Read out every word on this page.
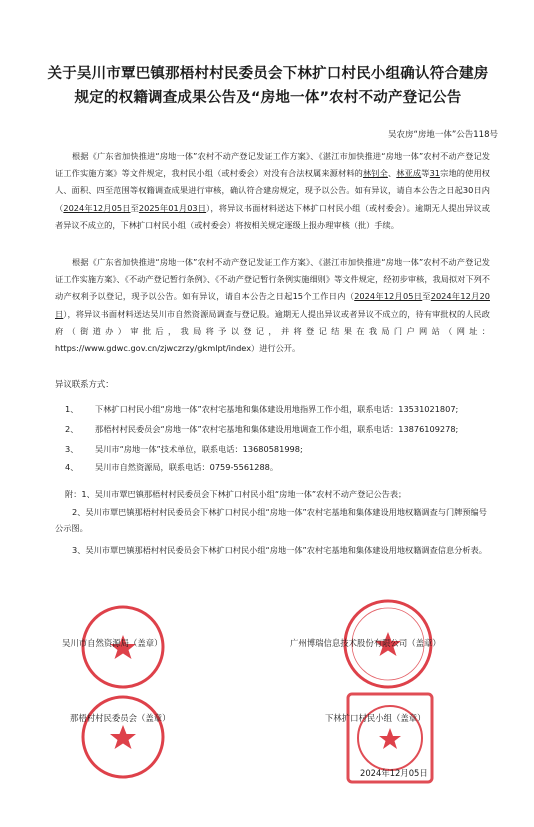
关于吴川市覃巴镇那梧村村民委员会下林扩口村民小组确认符合建房
规定的权籍调查成果公告及“房地一体”农村不动产登记公告
吴农房“房地一体”公告118号
根据《广东省加快推进“房地一体”农村不动产登记发证工作方案》、《湛江市加快推进“房地一体”农村不动产登记发证工作实施方案》等文件规定，我村民小组（或村委会）对没有合法权属来源材料的林钊全、林亚成等31宗地的使用权人、面积、四至范围等权籍调查成果进行审核，确认符合建房规定，现予以公告。如有异议，请自本公告之日起30日内（2024年12月05日至2025年01月03日），将异议书面材料送达下林扩口村民小组（或村委会）。逾期无人提出异议或者异议不成立的，下林扩口村民小组（或村委会）将按相关规定逐级上报办理审核（批）手续。
根据《广东省加快推进“房地一体”农村不动产登记发证工作方案》、《湛江市加快推进“房地一体”农村不动产登记发证工作实施方案》、《不动产登记暂行条例》、《不动产登记暂行条例实施细则》等文件规定，经初步审核，我局拟对下列不动产权利予以登记，现予以公告。如有异议，请自本公告之日起15个工作日内（2024年12月05日至2024年12月20日），将异议书面材料送达吴川市自然资源局调查与登记股。逾期无人提出异议或者异议不成立的，待有审批权的人民政府（街道办）审批后，我局将予以登记，并将登记结果在我局门户网站（网址：https://www.gdwc.gov.cn/zjwczrzy/gkmlpt/index）进行公开。
异议联系方式：
1、 下林扩口村民小组“房地一体”农村宅基地和集体建设用地指界工作小组，联系电话：13531021807;
2、 那梧村村民委员会“房地一体”农村宅基地和集体建设用地调查工作小组，联系电话：13876109278;
3、 吴川市“房地一体”技术单位，联系电话：13680581998;
4、 吴川市自然资源局，联系电话：0759-5561288。
附：1、吴川市覃巴镇那梧村村民委员会下林扩口村民小组“房地一体”农村不动产登记公告表；
2、吴川市覃巴镇那梧村村民委员会下林扩口村民小组“房地一体”农村宅基地和集体建设用地权籍调查与门牌预编号公示图。
3、吴川市覃巴镇那梧村村民委员会下林扩口村民小组“房地一体”农村宅基地和集体建设用地权籍调查信息分析表。
吴川市自然资源局（盖章）	广州博瑞信息技术股份有限公司（盖章）
那梧村村民委员会（盖章）	下林扩口村民小组（盖章）
2024年12月05日
